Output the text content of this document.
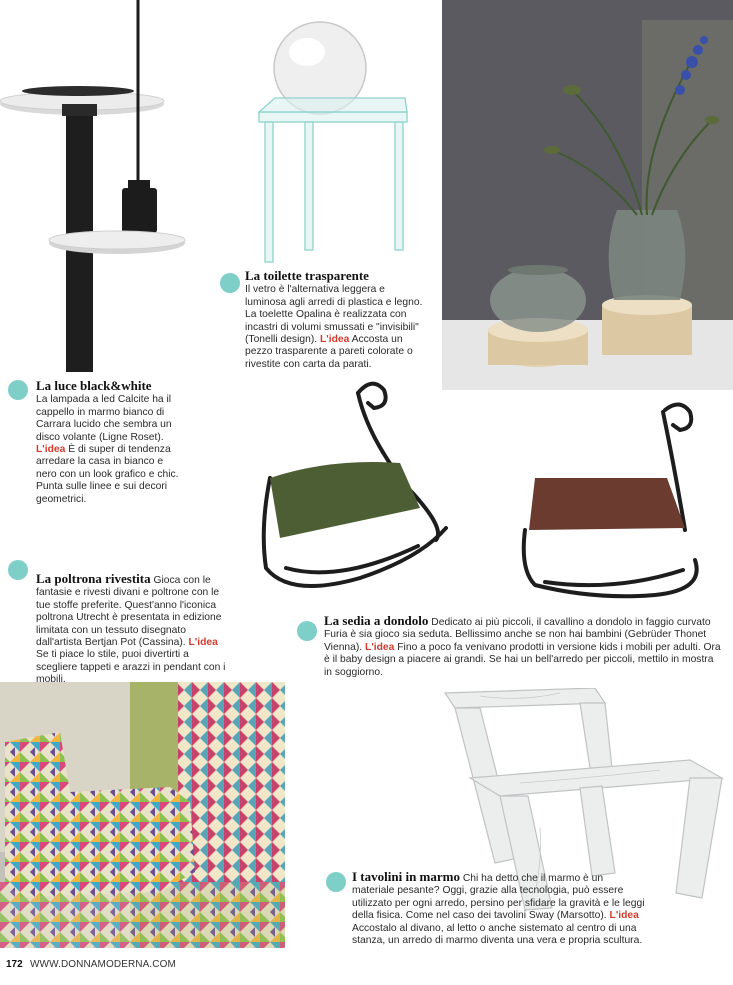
La luce black&white
La lampada a led Calcite ha il cappello in marmo bianco di Carrara lucido che sembra un disco volante (Ligne Roset). L'idea È di super di tendenza arredare la casa in bianco e nero con un look grafico e chic. Punta sulle linee e sui decori geometrici.
La toilette trasparente
Il vetro è l'alternativa leggera e luminosa agli arredi di plastica e legno. La toelette Opalina è realizzata con incastri di volumi smussati e "invisibili"(Tonelli design). L'idea Accosta un pezzo trasparente a pareti colorate o rivestite con carta da parati.
La poltrona rivestita Gioca con le fantasie e rivesti divani e poltrone con le tue stoffe preferite. Quest'anno l'iconica poltrona Utrecht è presentata in edizione limitata con un tessuto disegnato dall'artista Bertjan Pot (Cassina). L'idea Se ti piace lo stile, puoi divertirti a scegliere tappeti e arazzi in pendant con i mobili.
La sedia a dondolo Dedicato ai più piccoli, il cavallino a dondolo in faggio curvato Furia è sia gioco sia seduta. Bellissimo anche se non hai bambini (Gebrüder Thonet Vienna). L'idea Fino a poco fa venivano prodotti in versione kids i mobili per adulti. Ora è il baby design a piacere ai grandi. Se hai un bell'arredo per piccoli, mettilo in mostra in soggiorno.
I tavolini in marmo Chi ha detto che il marmo è un materiale pesante? Oggi, grazie alla tecnologia, può essere utilizzato per ogni arredo, persino per sfidare la gravità e le leggi della fisica. Come nel caso dei tavolini Sway (Marsotto). L'idea Accostalo al divano, al letto o anche sistemato al centro di una stanza, un arredo di marmo diventa una vera e propria scultura.
172 WWW.DONNAMODERNA.COM
